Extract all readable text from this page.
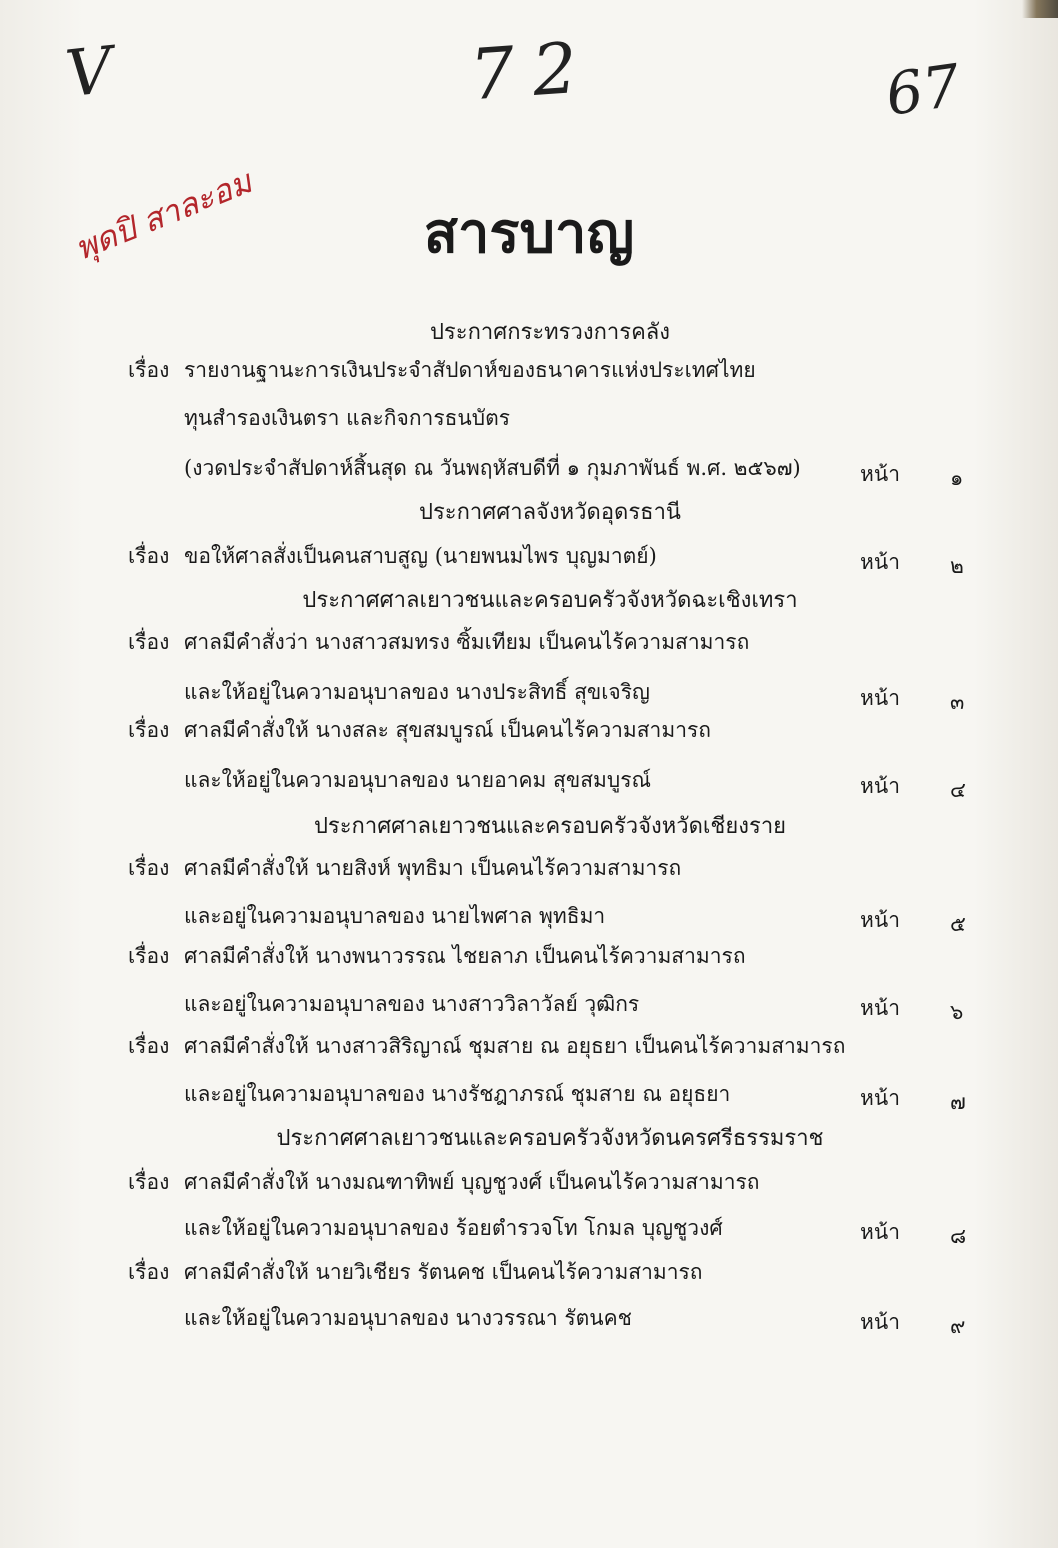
V	72	67
พุดปิ สาละอม	สารบาญ
ประกาศกระทรวงการคลัง
เรื่อง รายงานฐานะการเงินประจำสัปดาห์ของธนาคารแห่งประเทศไทย
ทุนสำรองเงินตรา และกิจการธนบัตร
(งวดประจำสัปดาห์สิ้นสุด ณ วันพฤหัสบดีที่ ๑ กุมภาพันธ์ พ.ศ. ๒๕๖๗)	หน้า ๑
ประกาศศาลจังหวัดอุดรธานี
เรื่อง ขอให้ศาลสั่งเป็นคนสาบสูญ (นายพนมไพร บุญมาตย์)	หน้า ๒
ประกาศศาลเยาวชนและครอบครัวจังหวัดฉะเชิงเทรา
เรื่อง ศาลมีคำสั่งว่า นางสาวสมทรง ซิ้มเทียม เป็นคนไร้ความสามารถ
และให้อยู่ในความอนุบาลของ นางประสิทธิ์ สุขเจริญ	หน้า ๓
เรื่อง ศาลมีคำสั่งให้ นางสละ สุขสมบูรณ์ เป็นคนไร้ความสามารถ
และให้อยู่ในความอนุบาลของ นายอาคม สุขสมบูรณ์	หน้า ๔
ประกาศศาลเยาวชนและครอบครัวจังหวัดเชียงราย
เรื่อง ศาลมีคำสั่งให้ นายสิงห์ พุทธิมา เป็นคนไร้ความสามารถ
และอยู่ในความอนุบาลของ นายไพศาล พุทธิมา	หน้า ๕
เรื่อง ศาลมีคำสั่งให้ นางพนาวรรณ ไชยลาภ เป็นคนไร้ความสามารถ
และอยู่ในความอนุบาลของ นางสาววิลาวัลย์ วุฒิกร	หน้า ๖
เรื่อง ศาลมีคำสั่งให้ นางสาวสิริญาณ์ ชุมสาย ณ อยุธยา เป็นคนไร้ความสามารถ
และอยู่ในความอนุบาลของ นางรัชฎาภรณ์ ชุมสาย ณ อยุธยา	หน้า ๗
ประกาศศาลเยาวชนและครอบครัวจังหวัดนครศรีธรรมราช
เรื่อง ศาลมีคำสั่งให้ นางมณฑาทิพย์ บุญชูวงศ์ เป็นคนไร้ความสามารถ
และให้อยู่ในความอนุบาลของ ร้อยตำรวจโท โกมล บุญชูวงศ์	หน้า ๘
เรื่อง ศาลมีคำสั่งให้ นายวิเชียร รัตนคช เป็นคนไร้ความสามารถ
และให้อยู่ในความอนุบาลของ นางวรรณา รัตนคช	หน้า ๙
